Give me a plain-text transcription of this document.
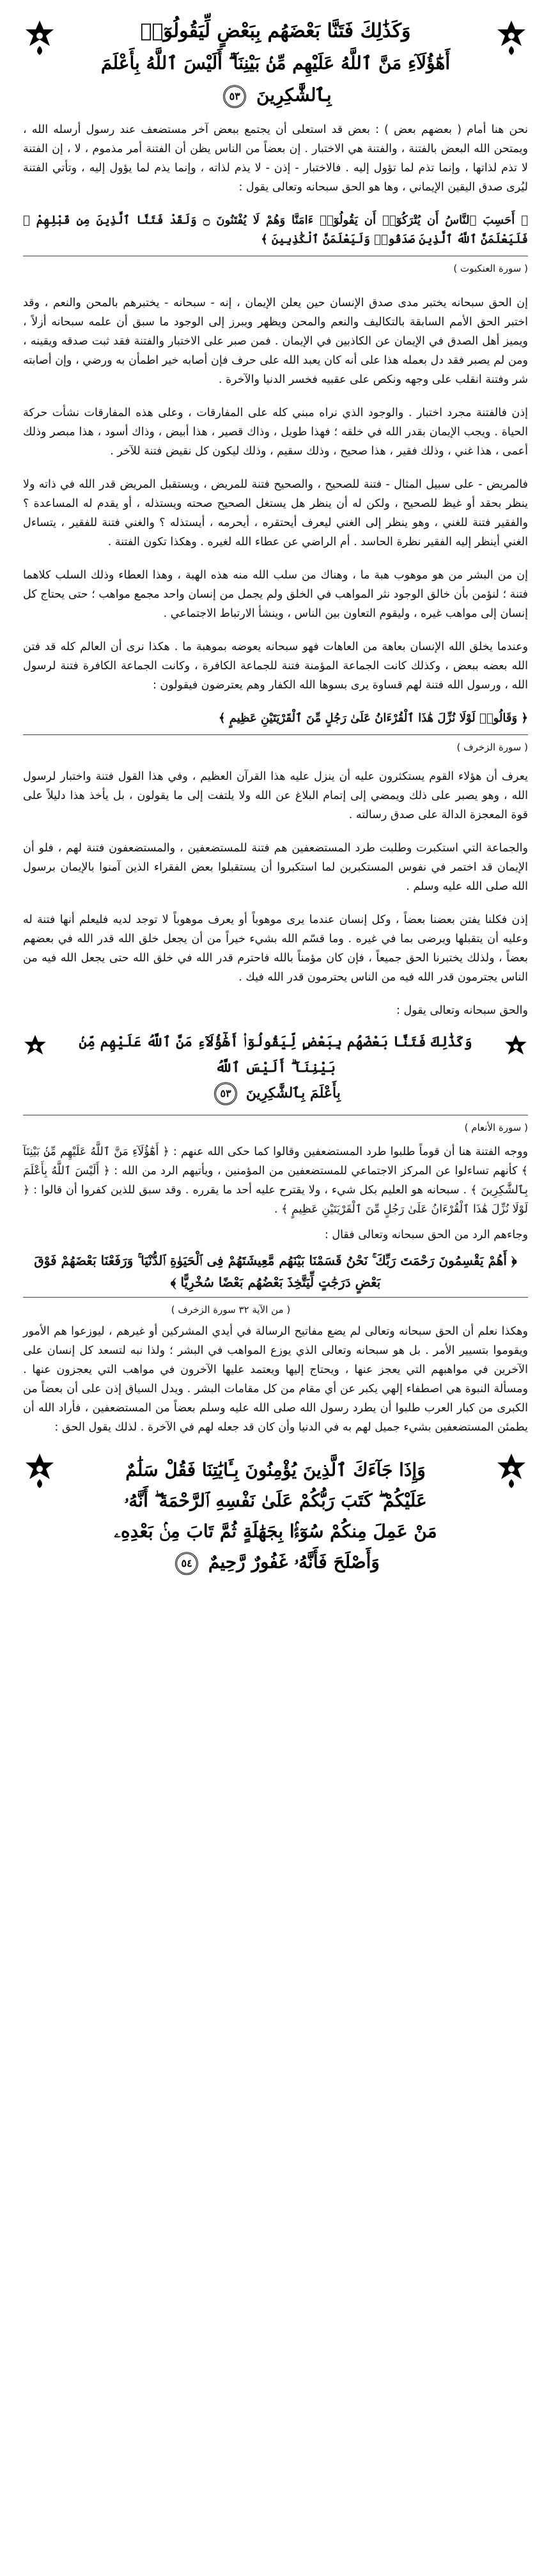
وَكَذَٰلِكَ فَتَنَّا بَعْضَهُم بِبَعْضٍ لِّيَقُولُوٓا۟
أَهَٰٓؤُلَآءِ مَنَّ ٱللَّهُ عَلَيْهِم مِّنۢ بَيْنِنَآ ۗ أَلَيْسَ ٱللَّهُ بِأَعْلَمَ
بِٱلشَّٰكِرِينَ ٥٣

نحن هنا أمام ( بعضهم بعض ) : بعض قد استعلى أن يجتمع ببعض آخر مستضعف عند رسول أرسله الله ، ويمتحن الله البعض بالفتنة ، والفتنة هي الاختبار . إن بعضاً من الناس يظن أن الفتنة أمر مذموم ، لا ، إن الفتنة لا تذم لذاتها ، وإنما تذم لما تؤول إليه . فالاختبار - إذن - لا يذم لذاته ، وإنما يذم لما يؤول إليه ، وتأتي الفتنة ليُرى صدق اليقين الإيماني ، وها هو الحق سبحانه وتعالى يقول :

﴿ أَحَسِبَ ٱلنَّاسُ أَن يُتْرَكُوٓا۟ أَن يَقُولُوٓا۟ ءَامَنَّا وَهُمْ لَا يُفْتَنُونَ ۝ وَلَقَدْ فَتَنَّا ٱلَّذِينَ مِن قَبْلِهِمْ ۖ فَلَيَعْلَمَنَّ ٱللَّهُ ٱلَّذِينَ صَدَقُوا۟ وَلَيَعْلَمَنَّ ٱلْكَٰذِبِينَ ﴾

( سورة العنكبوت )

إن الحق سبحانه يختبر مدى صدق الإنسان حين يعلن الإيمان ، إنه - سبحانه - يختبرهم بالمحن والنعم ، وقد اختبر الحق الأمم السابقة بالتكاليف والنعم والمحن ويظهر ويبرز إلى الوجود ما سبق أن علمه سبحانه أزلاً ، ويميز أهل الصدق في الإيمان عن الكاذبين في الإيمان . فمن صبر على الاختبار والفتنة فقد ثبت صدقه ويقينه ، ومن لم يصبر فقد دل بعمله هذا على أنه كان يعبد الله على حرف فإن أصابه خير اطمأن به ورضي ، وإن أصابته شر وفتنة انقلب على وجهه ونكص على عقبيه فخسر الدنيا والآخرة .

إذن فالفتنة مجرد اختبار . والوجود الذي نراه مبني كله على المفارقات ، وعلى هذه المفارقات نشأت حركة الحياة . ويجب الإيمان بقدر الله في خلقه ؛ فهذا طويل ، وذاك قصير ، هذا أبيض ، وذاك أسود ، هذا مبصر وذلك أعمى ، هذا غني ، وذلك فقير ، هذا صحيح ، وذلك سقيم ، وذلك ليكون كل نقيض فتنة للآخر .

فالمريض - على سبيل المثال - فتنة للصحيح ، والصحيح فتنة للمريض ، ويستقبل المريض قدر الله في ذاته ولا ينظر بحقد أو غيظ للصحيح ، ولكن له أن ينظر هل يستغل الصحيح صحته ويستذله ، أو يقدم له المساعدة ؟ والفقير فتنة للغني ، وهو ينظر إلى الغني ليعرف أيحتقره ، أيحرمه ، أيستذله ؟ والغني فتنة للفقير ، يتساءل الغني أينظر إليه الفقير نظرة الحاسد . أم الراضي عن عطاء الله لغيره . وهكذا تكون الفتنة .

إن من البشر من هو موهوب هبة ما ، وهناك من سلب الله منه هذه الهبة ، وهذا العطاء وذلك السلب كلاهما فتنة ؛ لنؤمن بأن خالق الوجود نثر المواهب في الخلق ولم يجمل من إنسان واحد مجمع مواهب ؛ حتى يحتاج كل إنسان إلى مواهب غيره ، وليقوم التعاون بين الناس ، وينشأ الارتباط الاجتماعي .

وعندما يخلق الله الإنسان بعاهة من العاهات فهو سبحانه يعوضه بموهبة ما . هكذا نرى أن العالم كله قد فتن الله بعضه ببعض ، وكذلك كانت الجماعة المؤمنة فتنة للجماعة الكافرة ، وكانت الجماعة الكافرة فتنة لرسول الله ، ورسول الله فتنة لهم قساوة يرى بسوها الله الكفار وهم يعترضون فيقولون :

﴿ وَقَالُوا۟ لَوْلَا نُزِّلَ هَٰذَا ٱلْقُرْءَانُ عَلَىٰ رَجُلٍ مِّنَ ٱلْقَرْيَتَيْنِ عَظِيمٍ ﴾

( سورة الزخرف )

يعرف أن هؤلاء القوم يستكثرون عليه أن ينزل عليه هذا القرآن العظيم ، وفي هذا القول فتنة واختبار لرسول الله ، وهو يصبر على ذلك ويمضي إلى إتمام البلاغ عن الله ولا يلتفت إلى ما يقولون ، بل يأخذ هذا دليلاً على قوة المعجزة الدالة على صدق رسالته .

والجماعة التي استكبرت وطلبت طرد المستضعفين هم فتنة للمستضعفين ، والمستضعفون فتنة لهم ، فلو أن الإيمان قد اختمر في نفوس المستكبرين لما استكبروا أن يستقبلوا بعض الفقراء الذين آمنوا بالإيمان برسول الله صلى الله عليه وسلم .

إذن فكلنا يفتن بعضنا بعضاً ، وكل إنسان عندما يرى موهوباً أو يعرف موهوباً لا توجد لديه فليعلم أنها فتنة له وعليه أن يتقبلها ويرضى بما في غيره . وما قسّم الله بشيء خيراً من أن يجعل خلق الله قدر الله في بعضهم بعضاً ، ولذلك يختبرنا الحق جميعاً ، فإن كان مؤمناً بالله فاحترم قدر الله في خلق الله حتى يجعل الله فيه من الناس يجترمون قدر الله فيه من الناس يحترمون قدر الله فيك .

والحق سبحانه وتعالى يقول :

وَكَذَٰلِكَ فَتَنَّا بَعْضَهُم بِبَعْضٍ لِّيَقُولُوٓا۟ أَهَٰٓؤُلَآءِ مَنَّ ٱللَّهُ عَلَيْهِم مِّنۢ بَيْنِنَآ ۗ أَلَيْسَ ٱللَّهُ
بِأَعْلَمَ بِٱلشَّٰكِرِينَ ٥٣
( سورة الأنعام )

ووجه الفتنة هنا أن قوماً طلبوا طرد المستضعفين وقالوا كما حكى الله عنهم : ﴿ أَهَٰٓؤُلَآءِ مَنَّ ٱللَّهُ عَلَيْهِم مِّنۢ بَيْنِنَآ ﴾ كأنهم تساءلوا عن المركز الاجتماعي للمستضعفين من المؤمنين ، ويأتيهم الرد من الله : ﴿ أَلَيْسَ ٱللَّهُ بِأَعْلَمَ بِٱلشَّٰكِرِينَ ﴾ . سبحانه هو العليم بكل شيء ، ولا يقترح عليه أحد ما يقرره . وقد سبق للذين كفروا أن قالوا : ﴿ لَوْلَا نُزِّلَ هَٰذَا ٱلْقُرْءَانُ عَلَىٰ رَجُلٍ مِّنَ ٱلْقَرْيَتَيْنِ عَظِيمٍ ﴾ .

وجاءهم الرد من الحق سبحانه وتعالى فقال :

﴿ أَهُمْ يَقْسِمُونَ رَحْمَتَ رَبِّكَ ۚ نَحْنُ قَسَمْنَا بَيْنَهُم مَّعِيشَتَهُمْ فِى ٱلْحَيَوٰةِ ٱلدُّنْيَا ۚ وَرَفَعْنَا بَعْضَهُمْ فَوْقَ بَعْضٍ دَرَجَٰتٍ لِّيَتَّخِذَ بَعْضُهُم بَعْضًا سُخْرِيًّا ﴾

( من الآية ٣٢ سورة الزخرف )

وهكذا نعلم أن الحق سبحانه وتعالى لم يضع مفاتيح الرسالة في أيدي المشركين أو غيرهم ، ليوزعوا هم الأمور ويقوموا بتسيير الأمر . بل هو سبحانه وتعالى الذي يوزع المواهب في البشر ؛ ولذا نبه لتسعد كل إنسان على الآخرين في مواهبهم التي يعجز عنها ، ويحتاج إليها ويعتمد عليها الآخرون في مواهب التي يعجزون عنها . ومسألة النبوة هي اصطفاء إلهي يكبر عن أي مقام من كل مقامات البشر . ويدل السياق إذن على أن بعضاً من الكبرى من كبار العرب طلبوا أن يطرد رسول الله صلى الله عليه وسلم بعضاً من المستضعفين ، فأراد الله أن يطمئن المستضعفين بشيء جميل لهم به في الدنيا وأن كان قد جعله لهم في الآخرة . لذلك يقول الحق :

وَإِذَا جَآءَكَ ٱلَّذِينَ يُؤْمِنُونَ بِـَٔايَٰتِنَا فَقُلْ سَلَٰمٌ
عَلَيْكُمْ ۖ كَتَبَ رَبُّكُمْ عَلَىٰ نَفْسِهِ ٱلرَّحْمَةَ ۖ أَنَّهُۥ
مَنْ عَمِلَ مِنكُمْ سُوٓءًۢا بِجَهَٰلَةٍ ثُمَّ تَابَ مِنۢ بَعْدِهِۦ
وَأَصْلَحَ فَأَنَّهُۥ غَفُورٌ رَّحِيمٌ ٥٤
